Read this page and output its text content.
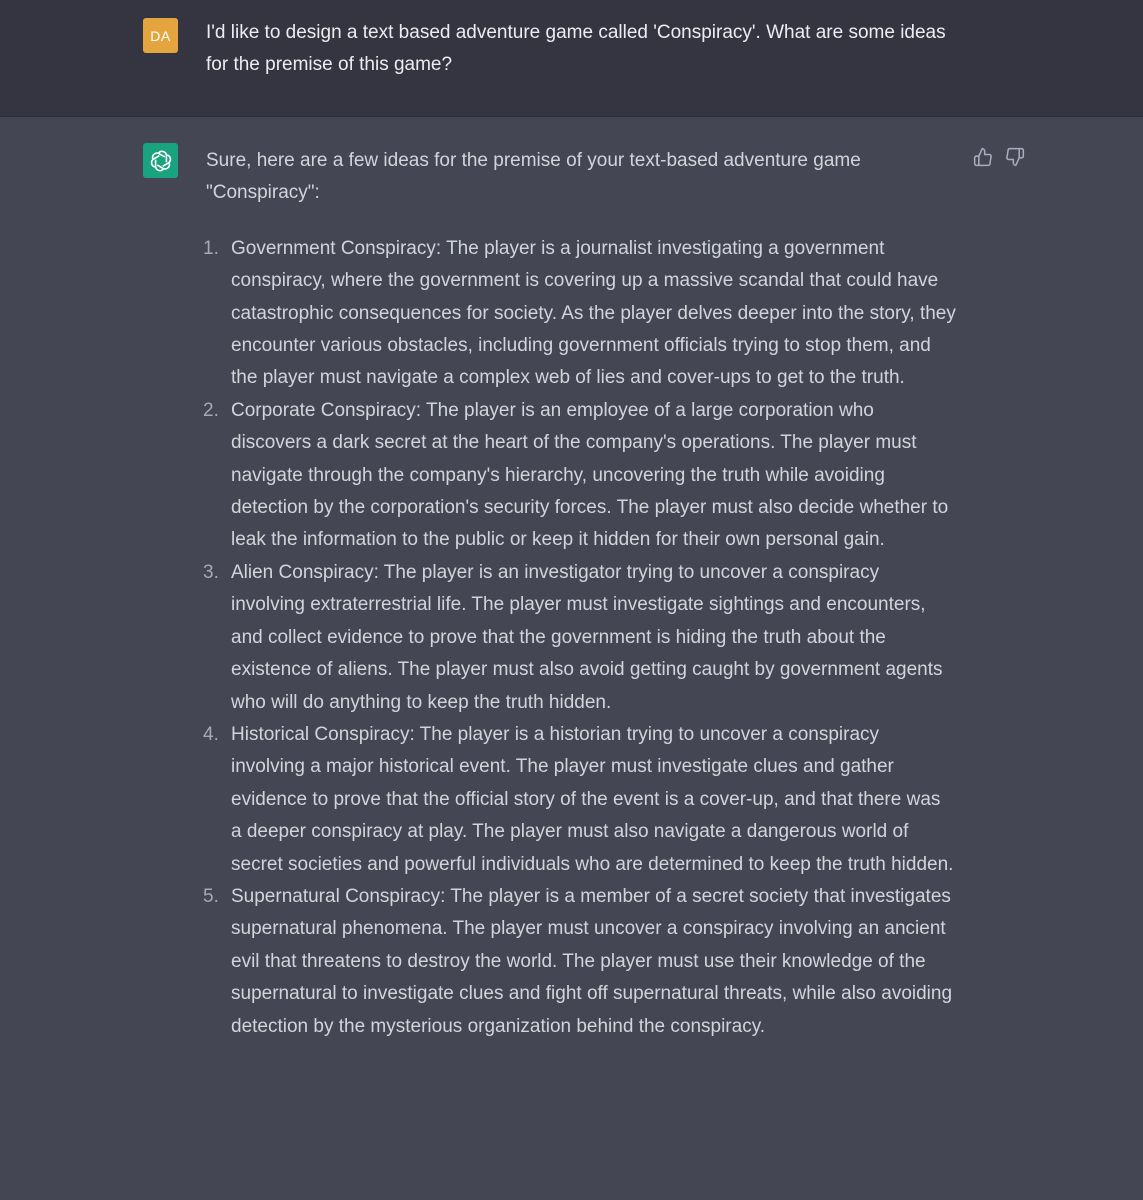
DA I'd like to design a text based adventure game called 'Conspiracy'. What are some ideas for the premise of this game?

Sure, here are a few ideas for the premise of your text-based adventure game "Conspiracy":

1. Government Conspiracy: The player is a journalist investigating a government conspiracy, where the government is covering up a massive scandal that could have catastrophic consequences for society. As the player delves deeper into the story, they encounter various obstacles, including government officials trying to stop them, and the player must navigate a complex web of lies and cover-ups to get to the truth.
2. Corporate Conspiracy: The player is an employee of a large corporation who discovers a dark secret at the heart of the company's operations. The player must navigate through the company's hierarchy, uncovering the truth while avoiding detection by the corporation's security forces. The player must also decide whether to leak the information to the public or keep it hidden for their own personal gain.
3. Alien Conspiracy: The player is an investigator trying to uncover a conspiracy involving extraterrestrial life. The player must investigate sightings and encounters, and collect evidence to prove that the government is hiding the truth about the existence of aliens. The player must also avoid getting caught by government agents who will do anything to keep the truth hidden.
4. Historical Conspiracy: The player is a historian trying to uncover a conspiracy involving a major historical event. The player must investigate clues and gather evidence to prove that the official story of the event is a cover-up, and that there was a deeper conspiracy at play. The player must also navigate a dangerous world of secret societies and powerful individuals who are determined to keep the truth hidden.
5. Supernatural Conspiracy: The player is a member of a secret society that investigates supernatural phenomena. The player must uncover a conspiracy involving an ancient evil that threatens to destroy the world. The player must use their knowledge of the supernatural to investigate clues and fight off supernatural threats, while also avoiding detection by the mysterious organization behind the conspiracy.
